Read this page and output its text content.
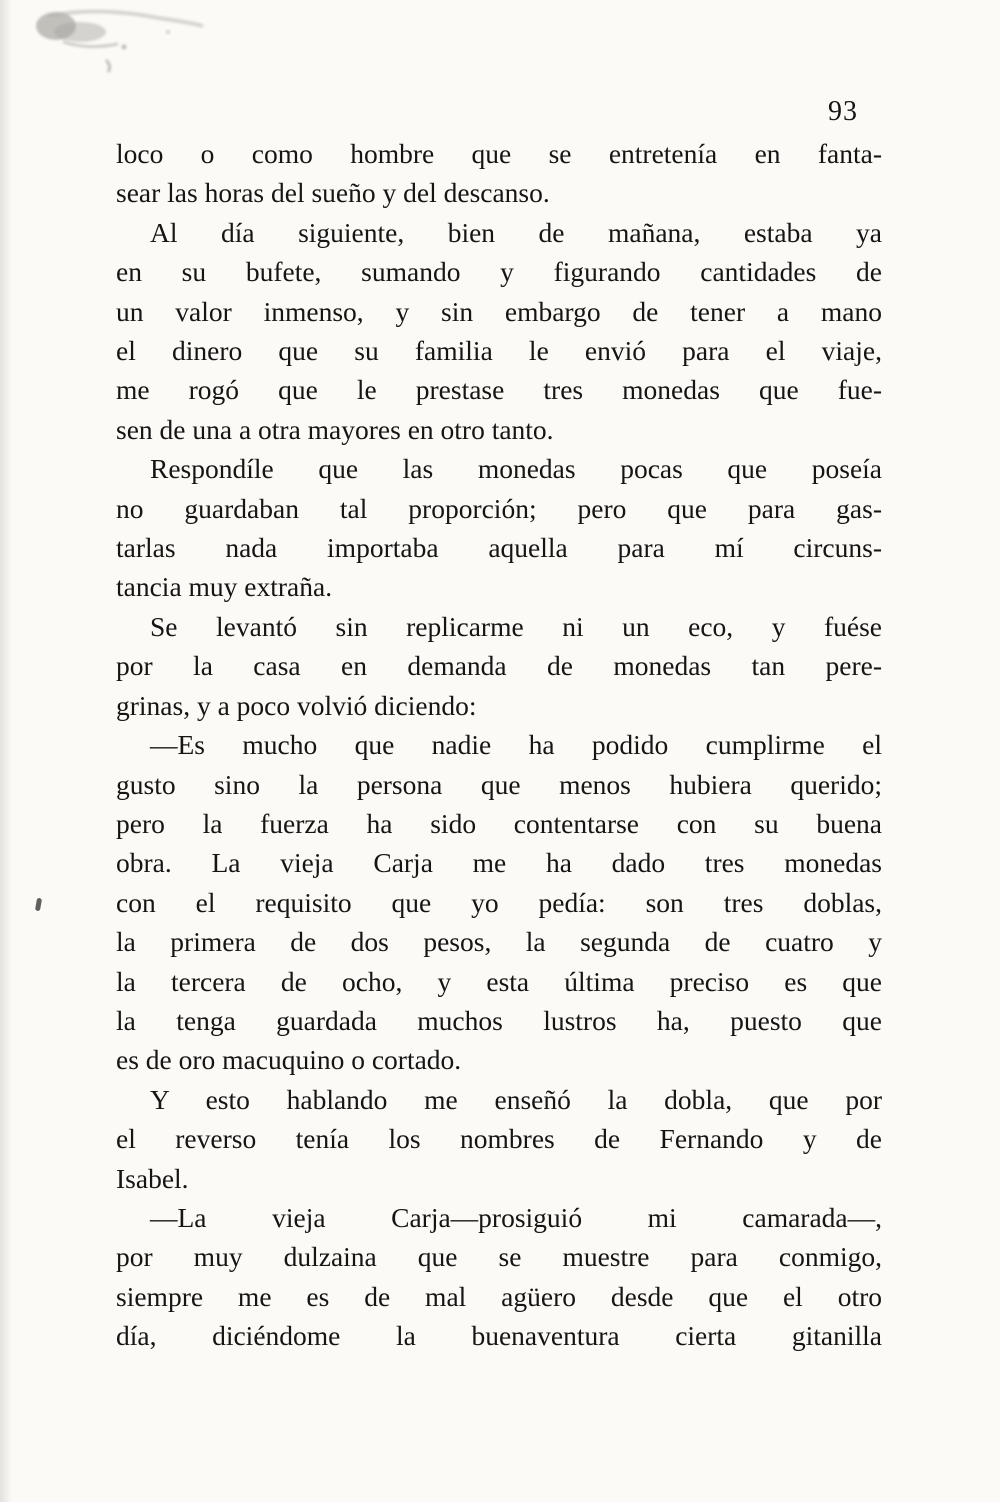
93
loco o como hombre que se entretenía en fanta-
sear las horas del sueño y del descanso.
Al día siguiente, bien de mañana, estaba ya
en su bufete, sumando y figurando cantidades de
un valor inmenso, y sin embargo de tener a mano
el dinero que su familia le envió para el viaje,
me rogó que le prestase tres monedas que fue-
sen de una a otra mayores en otro tanto.
Respondíle que las monedas pocas que poseía
no guardaban tal proporción; pero que para gas-
tarlas nada importaba aquella para mí circuns-
tancia muy extraña.
Se levantó sin replicarme ni un eco, y fuése
por la casa en demanda de monedas tan pere-
grinas, y a poco volvió diciendo:
—Es mucho que nadie ha podido cumplirme el
gusto sino la persona que menos hubiera querido;
pero la fuerza ha sido contentarse con su buena
obra. La vieja Carja me ha dado tres monedas
con el requisito que yo pedía: son tres doblas,
la primera de dos pesos, la segunda de cuatro y
la tercera de ocho, y esta última preciso es que
la tenga guardada muchos lustros ha, puesto que
es de oro macuquino o cortado.
Y esto hablando me enseñó la dobla, que por
el reverso tenía los nombres de Fernando y de
Isabel.
—La vieja Carja—prosiguió mi camarada—,
por muy dulzaina que se muestre para conmigo,
siempre me es de mal agüero desde que el otro
día, diciéndome la buenaventura cierta gitanilla
